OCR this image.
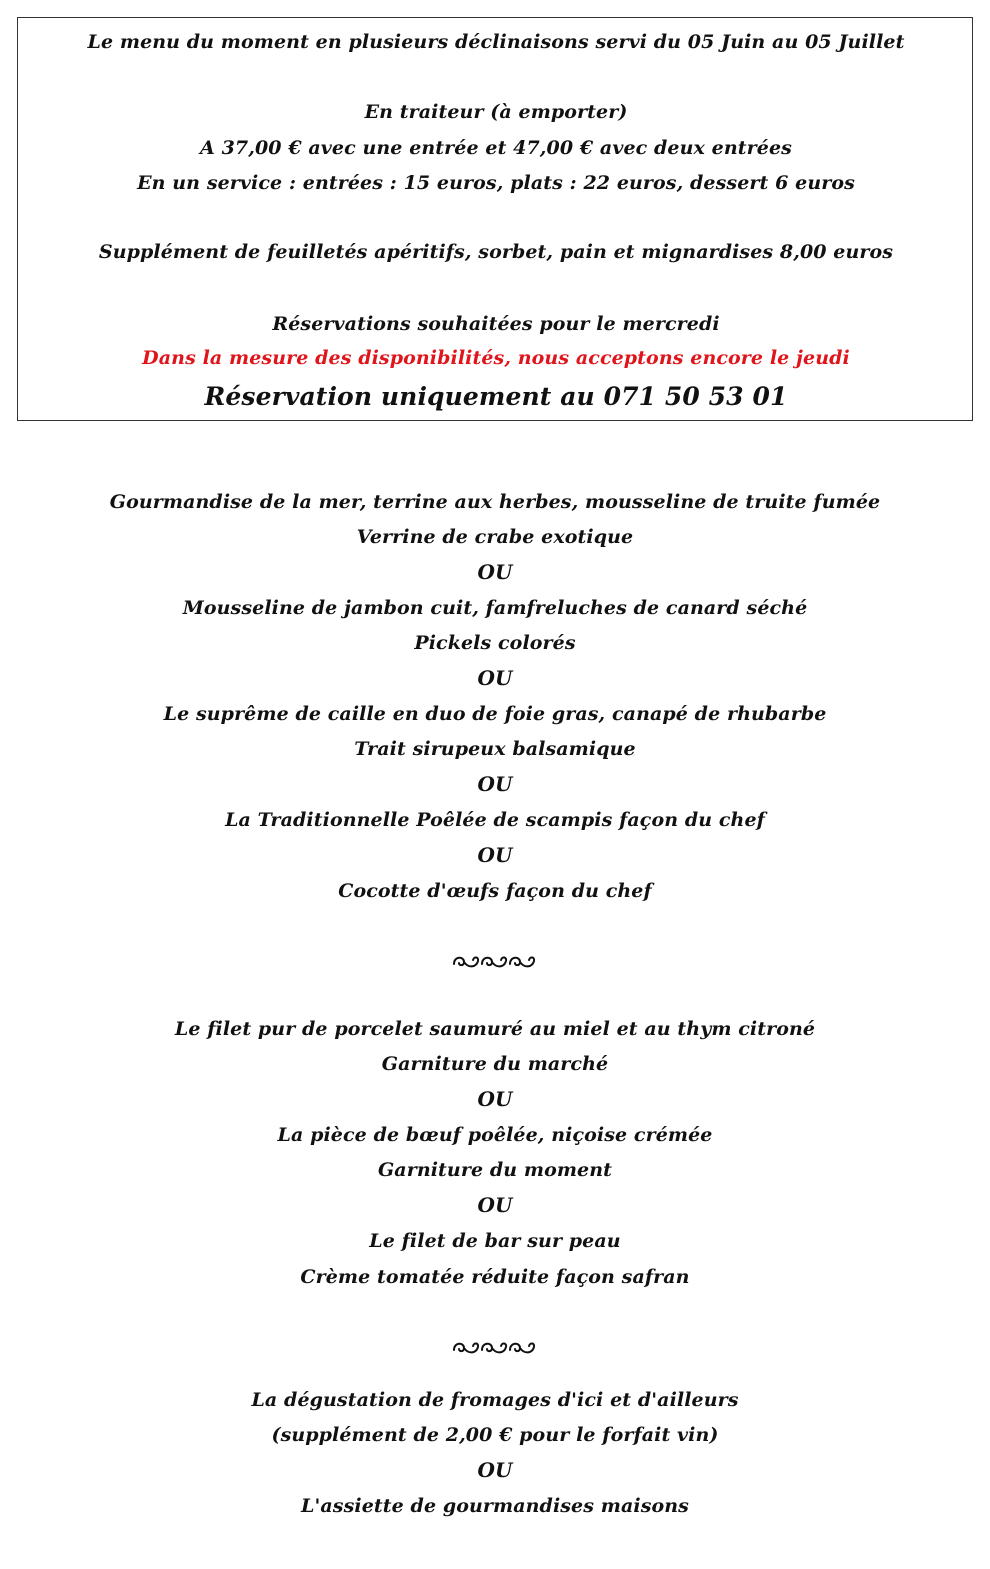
Le menu du moment en plusieurs déclinaisons servi du 05 Juin au 05 Juillet
En traiteur (à emporter)
A 37,00 € avec une entrée et 47,00 € avec deux entrées
En un service : entrées : 15 euros, plats : 22 euros, dessert 6 euros
Supplément de feuilletés apéritifs, sorbet, pain et mignardises 8,00 euros
Réservations souhaitées pour le mercredi
Dans la mesure des disponibilités, nous acceptons encore le jeudi
Réservation uniquement au 071 50 53 01
Gourmandise de la mer, terrine aux herbes, mousseline de truite fumée
Verrine de crabe exotique
OU
Mousseline de jambon cuit, famfreluches de canard séché
Pickels colorés
OU
Le suprême de caille en duo de foie gras, canapé de rhubarbe
Trait sirupeux balsamique
OU
La Traditionnelle Poêlée de scampis façon du chef
OU
Cocotte d'œufs façon du chef
Le filet pur de porcelet saumuré au miel et au thym citroné
Garniture du marché
OU
La pièce de bœuf poêlée, niçoise crémée
Garniture du moment
OU
Le filet de bar sur peau
Crème tomatée réduite façon safran
La dégustation de fromages d'ici et d'ailleurs
(supplément de 2,00 € pour le forfait vin)
OU
L'assiette de gourmandises maisons
